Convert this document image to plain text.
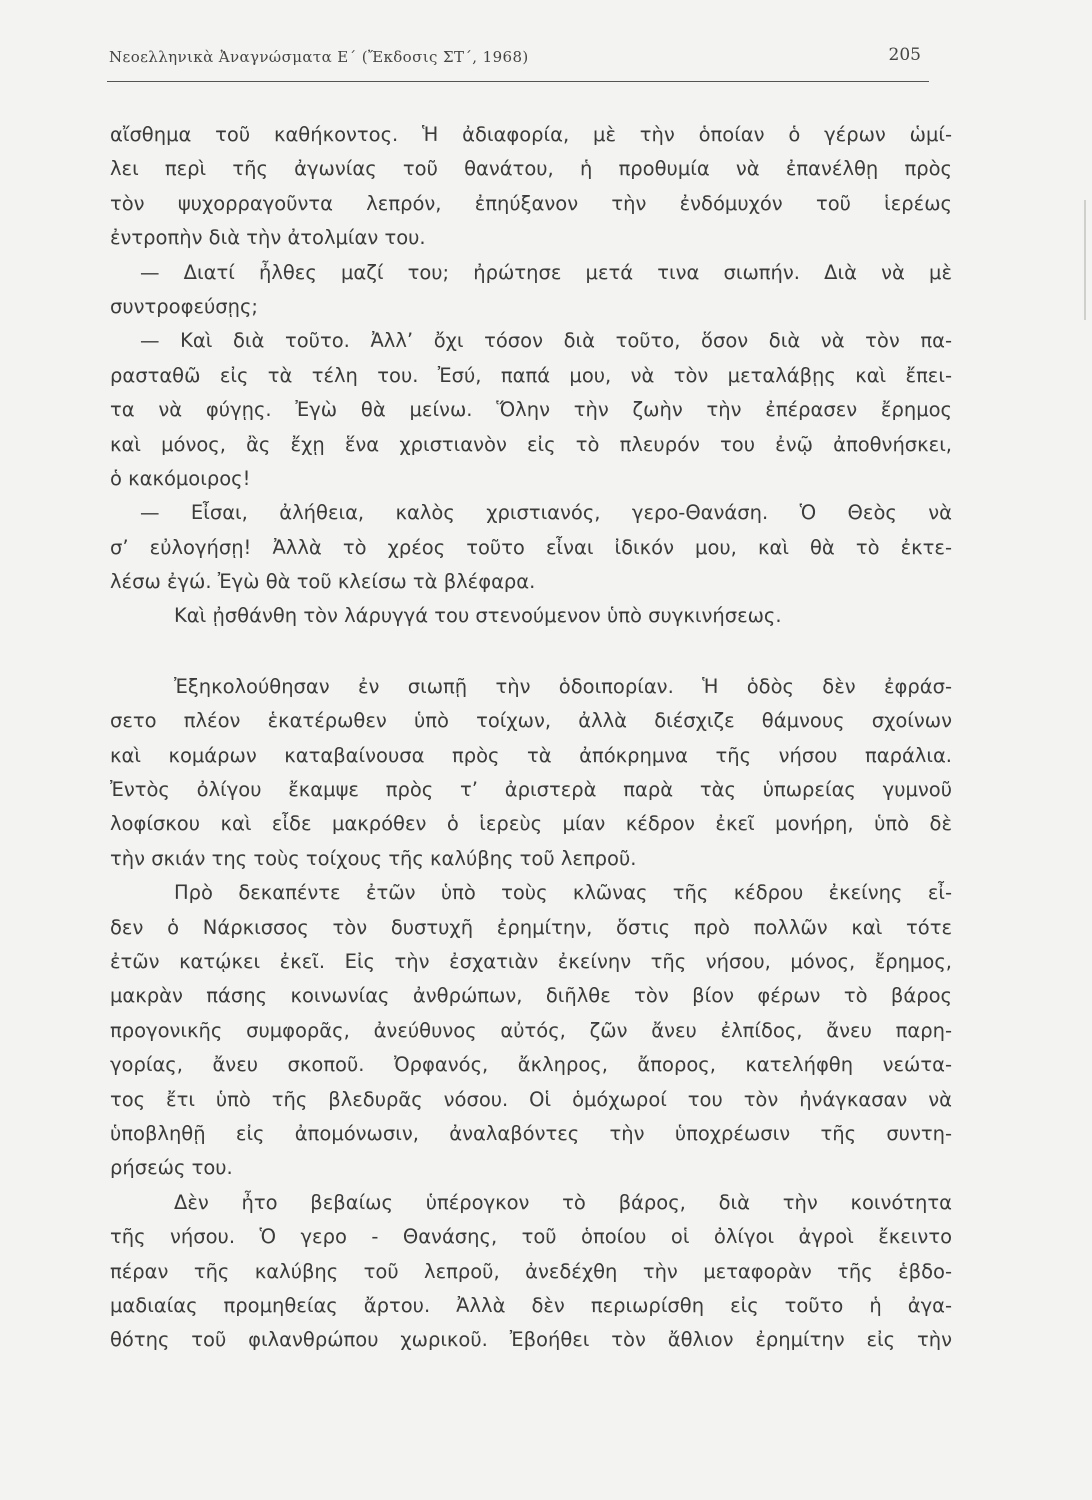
Νεοελληνικὰ Ἀναγνώσματα Ε΄ (Ἔκδοσις ΣΤ΄, 1968)	205
αἴσθημα τοῦ καθήκοντος. Ἡ ἀδιαφορία, μὲ τὴν ὁποίαν ὁ γέρων ὡμί-
λει περὶ τῆς ἀγωνίας τοῦ θανάτου, ἡ προθυμία νὰ ἐπανέλθῃ πρὸς
τὸν ψυχορραγοῦντα λεπρόν, ἐπηύξανον τὴν ἐνδόμυχόν τοῦ ἱερέως
ἐντροπὴν διὰ τὴν ἀτολμίαν του.
— Διατί ἦλθες μαζί του; ἠρώτησε μετά τινα σιωπήν. Διὰ νὰ μὲ
συντροφεύσῃς;
— Καὶ διὰ τοῦτο. Ἀλλ’ ὄχι τόσον διὰ τοῦτο, ὅσον διὰ νὰ τὸν πα-
ρασταθῶ εἰς τὰ τέλη του. Ἐσύ, παπά μου, νὰ τὸν μεταλάβῃς καὶ ἔπει-
τα νὰ φύγῃς. Ἐγὼ θὰ μείνω. Ὅλην τὴν ζωὴν τὴν ἐπέρασεν ἔρημος
καὶ μόνος, ἂς ἔχῃ ἕνα χριστιανὸν εἰς τὸ πλευρόν του ἐνῷ ἀποθνήσκει,
ὁ κακόμοιρος!
— Εἶσαι, ἀλήθεια, καλὸς χριστιανός, γερο-Θανάση. Ὁ Θεὸς νὰ
σ’ εὐλογήσῃ! Ἀλλὰ τὸ χρέος τοῦτο εἶναι ἰδικόν μου, καὶ θὰ τὸ ἐκτε-
λέσω ἐγώ. Ἐγὼ θὰ τοῦ κλείσω τὰ βλέφαρα.
Καὶ ᾐσθάνθη τὸν λάρυγγά του στενούμενον ὑπὸ συγκινήσεως.
Ἐξηκολούθησαν ἐν σιωπῇ τὴν ὁδοιπορίαν. Ἡ ὁδὸς δὲν ἐφράσ-
σετο πλέον ἑκατέρωθεν ὑπὸ τοίχων, ἀλλὰ διέσχιζε θάμνους σχοίνων
καὶ κομάρων καταβαίνουσα πρὸς τὰ ἀπόκρημνα τῆς νήσου παράλια.
Ἐντὸς ὀλίγου ἔκαμψε πρὸς τ’ ἀριστερὰ παρὰ τὰς ὑπωρείας γυμνοῦ
λοφίσκου καὶ εἶδε μακρόθεν ὁ ἱερεὺς μίαν κέδρον ἐκεῖ μονήρη, ὑπὸ δὲ
τὴν σκιάν της τοὺς τοίχους τῆς καλύβης τοῦ λεπροῦ.
Πρὸ δεκαπέντε ἐτῶν ὑπὸ τοὺς κλῶνας τῆς κέδρου ἐκείνης εἶ-
δεν ὁ Νάρκισσος τὸν δυστυχῆ ἐρημίτην, ὅστις πρὸ πολλῶν καὶ τότε
ἐτῶν κατῴκει ἐκεῖ. Εἰς τὴν ἐσχατιὰν ἐκείνην τῆς νήσου, μόνος, ἔρημος,
μακρὰν πάσης κοινωνίας ἀνθρώπων, διῆλθε τὸν βίον φέρων τὸ βάρος
προγονικῆς συμφορᾶς, ἀνεύθυνος αὐτός, ζῶν ἄνευ ἐλπίδος, ἄνευ παρη-
γορίας, ἄνευ σκοποῦ. Ὀρφανός, ἄκληρος, ἄπορος, κατελήφθη νεώτα-
τος ἔτι ὑπὸ τῆς βλεδυρᾶς νόσου. Οἱ ὁμόχωροί του τὸν ἠνάγκασαν νὰ
ὑποβληθῇ εἰς ἀπομόνωσιν, ἀναλαβόντες τὴν ὑποχρέωσιν τῆς συντη-
ρήσεώς του.
Δὲν ἦτο βεβαίως ὑπέρογκον τὸ βάρος, διὰ τὴν κοινότητα
τῆς νήσου. Ὁ γερο - Θανάσης, τοῦ ὁποίου οἱ ὀλίγοι ἀγροὶ ἔκειντο
πέραν τῆς καλύβης τοῦ λεπροῦ, ἀνεδέχθη τὴν μεταφορὰν τῆς ἑβδο-
μαδιαίας προμηθείας ἄρτου. Ἀλλὰ δὲν περιωρίσθη εἰς τοῦτο ἡ ἀγα-
θότης τοῦ φιλανθρώπου χωρικοῦ. Ἐβοήθει τὸν ἄθλιον ἐρημίτην εἰς τὴν
